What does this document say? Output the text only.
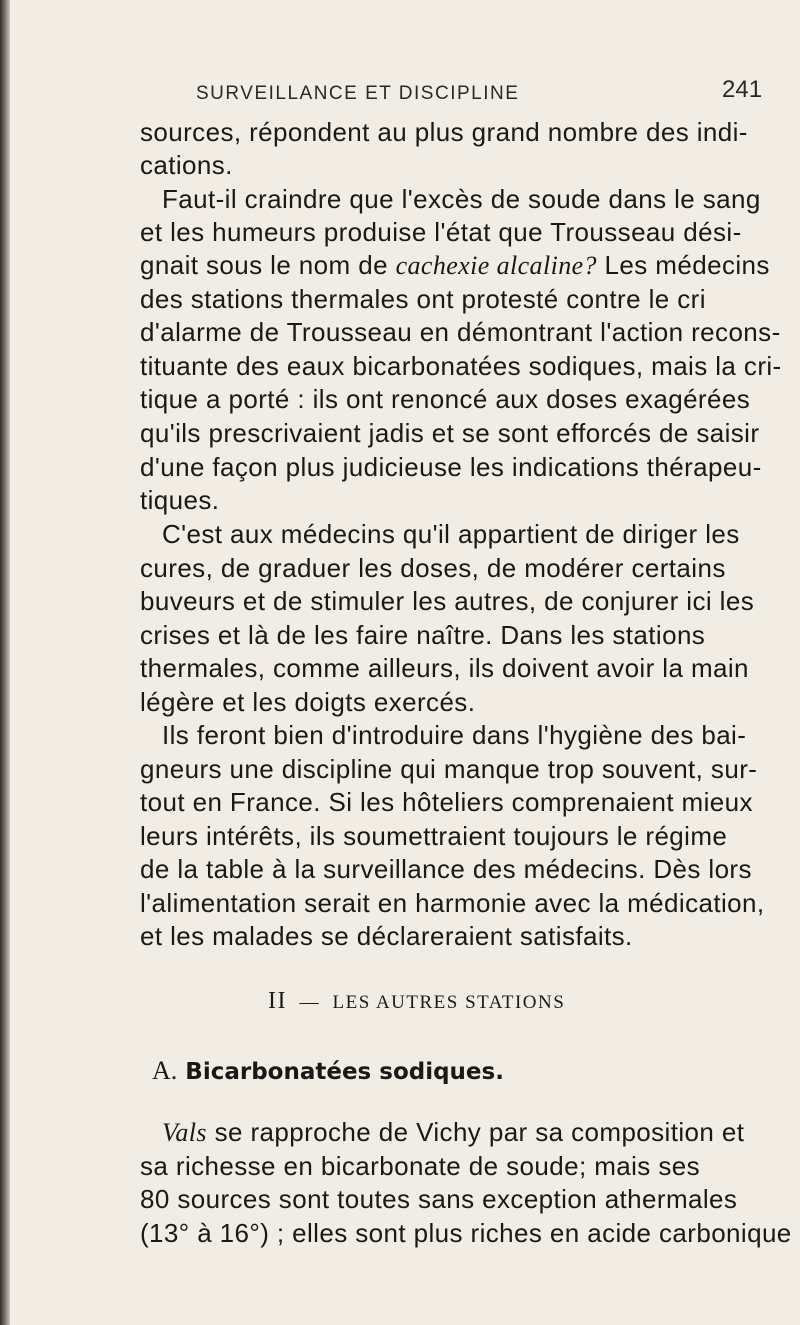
SURVEILLANCE ET DISCIPLINE	241
sources, répondent au plus grand nombre des indi-
cations.
Faut-il craindre que l'excès de soude dans le sang
et les humeurs produise l'état que Trousseau dési-
gnait sous le nom de cachexie alcaline? Les médecins
des stations thermales ont protesté contre le cri
d'alarme de Trousseau en démontrant l'action recons-
tituante des eaux bicarbonatées sodiques, mais la cri-
tique a porté : ils ont renoncé aux doses exagérées
qu'ils prescrivaient jadis et se sont efforcés de saisir
d'une façon plus judicieuse les indications thérapeu-
tiques.
C'est aux médecins qu'il appartient de diriger les
cures, de graduer les doses, de modérer certains
buveurs et de stimuler les autres, de conjurer ici les
crises et là de les faire naître. Dans les stations
thermales, comme ailleurs, ils doivent avoir la main
légère et les doigts exercés.
Ils feront bien d'introduire dans l'hygiène des bai-
gneurs une discipline qui manque trop souvent, sur-
tout en France. Si les hôteliers comprenaient mieux
leurs intérêts, ils soumettraient toujours le régime
de la table à la surveillance des médecins. Dès lors
l'alimentation serait en harmonie avec la médication,
et les malades se déclareraient satisfaits.
II — LES AUTRES STATIONS
A. Bicarbonatées sodiques.
Vals se rapproche de Vichy par sa composition et
sa richesse en bicarbonate de soude; mais ses
80 sources sont toutes sans exception athermales
(13° à 16°) ; elles sont plus riches en acide carbonique
